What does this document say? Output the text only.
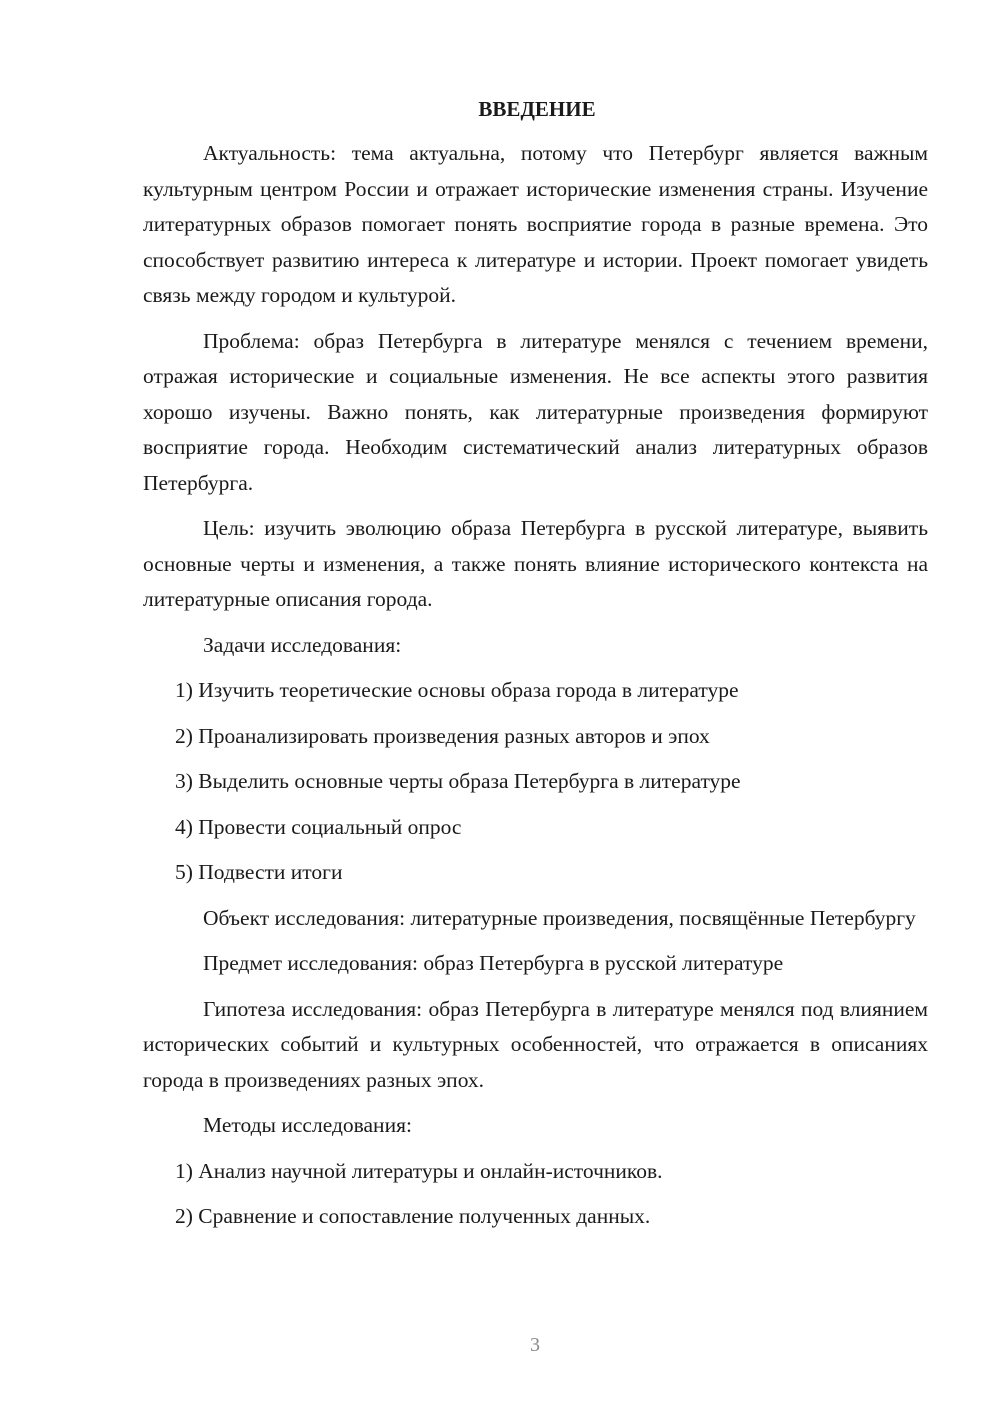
ВВЕДЕНИЕ

Актуальность: тема актуальна, потому что Петербург является важным культурным центром России и отражает исторические изменения страны. Изучение литературных образов помогает понять восприятие города в разные времена. Это способствует развитию интереса к литературе и истории. Проект помогает увидеть связь между городом и культурой.

Проблема: образ Петербурга в литературе менялся с течением времени, отражая исторические и социальные изменения. Не все аспекты этого развития хорошо изучены. Важно понять, как литературные произведения формируют восприятие города. Необходим систематический анализ литературных образов Петербурга.

Цель: изучить эволюцию образа Петербурга в русской литературе, выявить основные черты и изменения, а также понять влияние исторического контекста на литературные описания города.

Задачи исследования:

1) Изучить теоретические основы образа города в литературе
2) Проанализировать произведения разных авторов и эпох
3) Выделить основные черты образа Петербурга в литературе
4) Провести социальный опрос
5) Подвести итоги

Объект исследования: литературные произведения, посвящённые Петербургу

Предмет исследования: образ Петербурга в русской литературе

Гипотеза исследования: образ Петербурга в литературе менялся под влиянием исторических событий и культурных особенностей, что отражается в описаниях города в произведениях разных эпох.

Методы исследования:

1) Анализ научной литературы и онлайн-источников.
2) Сравнение и сопоставление полученных данных.
3
